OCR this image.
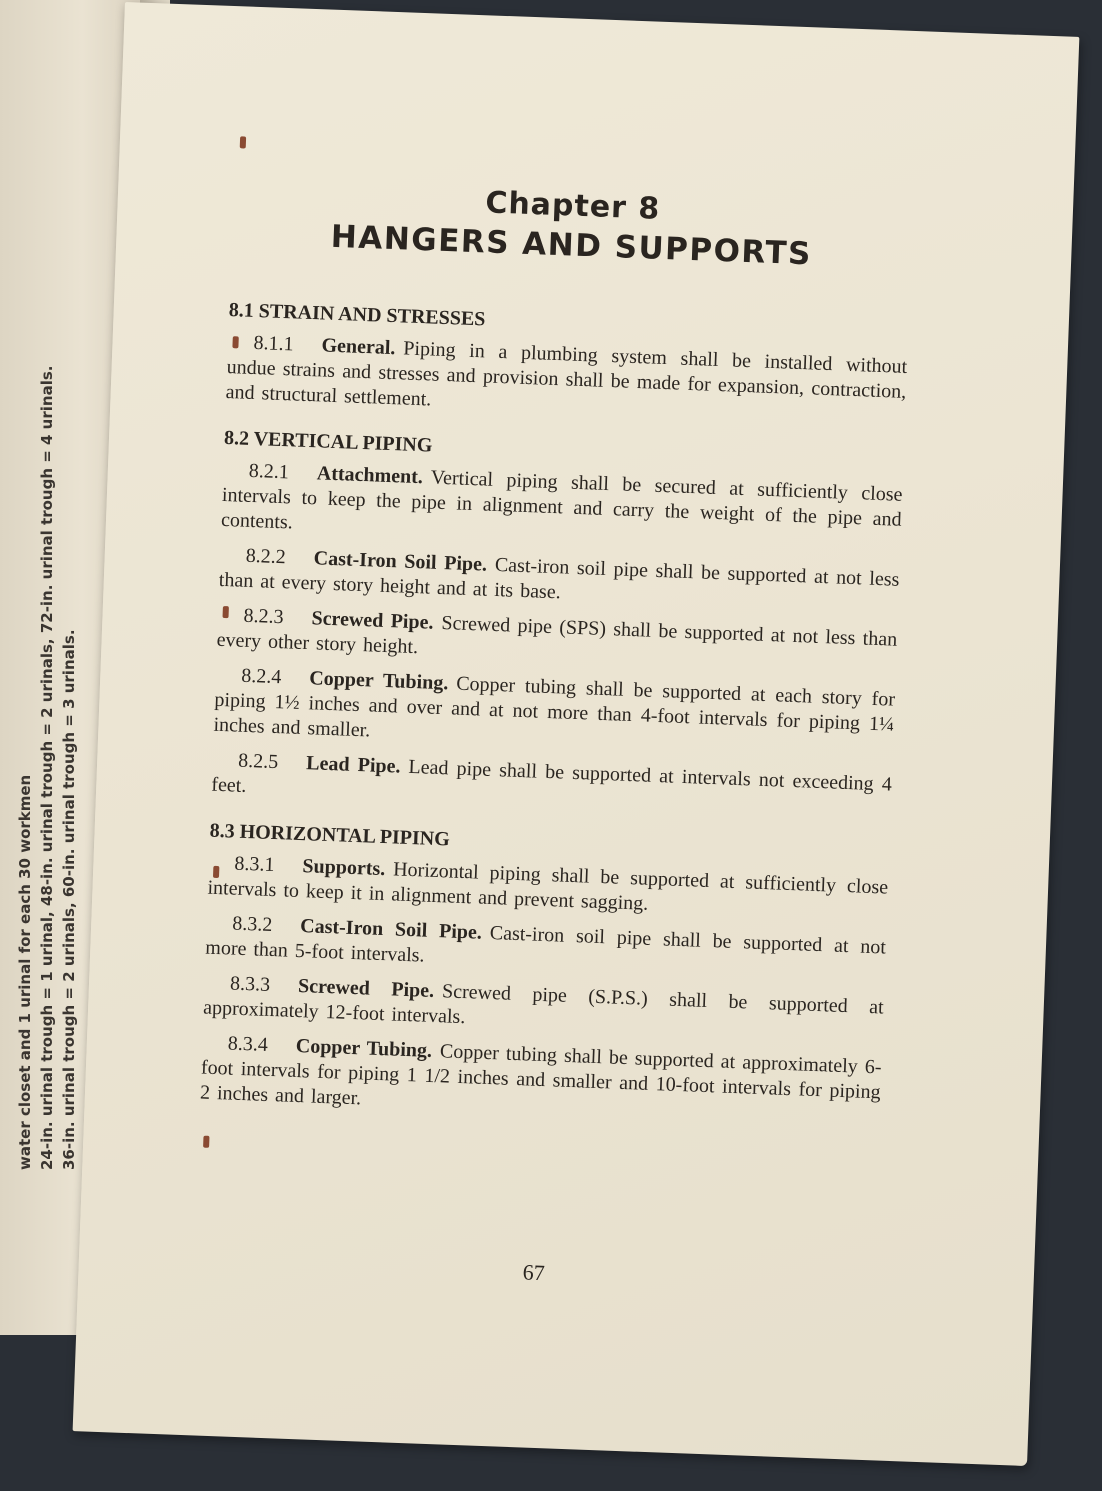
water closet and 1 urinal for each 30 workmen 24-in. urinal trough = 1 urinal, 48-in. urinal trough = 2 urinals, 72-in. urinal trough = 4 urinals. 36-in. urinal trough = 2 urinals, 60-in. urinal trough = 3 urinals.
Chapter 8
HANGERS AND SUPPORTS
8.1 STRAIN AND STRESSES

8.1.1 General. Piping in a plumbing system shall be installed without undue strains and stresses and provision shall be made for expansion, contraction, and structural settlement.

8.2 VERTICAL PIPING

8.2.1 Attachment. Vertical piping shall be secured at sufficiently close intervals to keep the pipe in alignment and carry the weight of the pipe and contents.

8.2.2 Cast-Iron Soil Pipe. Cast-iron soil pipe shall be supported at not less than at every story height and at its base.

8.2.3 Screwed Pipe. Screwed pipe (SPS) shall be supported at not less than every other story height.

8.2.4 Copper Tubing. Copper tubing shall be supported at each story for piping 1½ inches and over and at not more than 4-foot intervals for piping 1¼ inches and smaller.

8.2.5 Lead Pipe. Lead pipe shall be supported at intervals not exceeding 4 feet.

8.3 HORIZONTAL PIPING

8.3.1 Supports. Horizontal piping shall be supported at sufficiently close intervals to keep it in alignment and prevent sagging.

8.3.2 Cast-Iron Soil Pipe. Cast-iron soil pipe shall be supported at not more than 5-foot intervals.

8.3.3 Screwed Pipe. Screwed pipe (S.P.S.) shall be supported at approximately 12-foot intervals.

8.3.4 Copper Tubing. Copper tubing shall be supported at approximately 6-foot intervals for piping 1 1/2 inches and smaller and 10-foot intervals for piping 2 inches and larger.

67
